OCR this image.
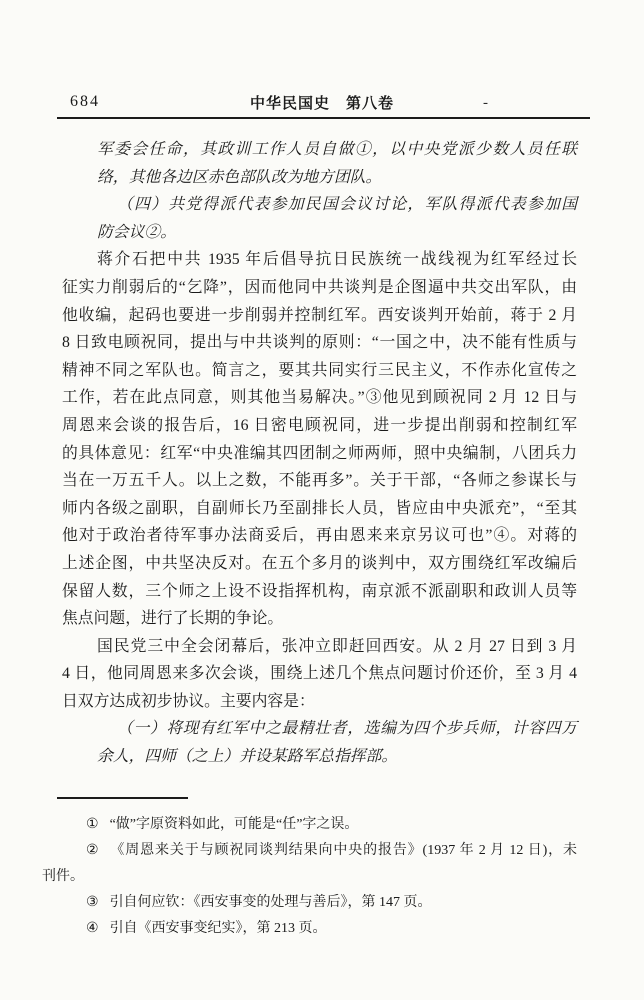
684	中华民国史　第八卷	-
军委会任命，其政训工作人员自做①，以中央党派少数人员任联
络，其他各边区赤色部队改为地方团队。
（四）共党得派代表参加民国会议讨论，军队得派代表参加国
防会议②。
蒋介石把中共 1935 年后倡导抗日民族统一战线视为红军经过长
征实力削弱后的“乞降”，因而他同中共谈判是企图逼中共交出军队，由
他收编，起码也要进一步削弱并控制红军。西安谈判开始前，蒋于 2 月
8 日致电顾祝同，提出与中共谈判的原则：“一国之中，决不能有性质与
精神不同之军队也。简言之，要其共同实行三民主义，不作赤化宣传之
工作，若在此点同意，则其他当易解决。”③他见到顾祝同 2 月 12 日与
周恩来会谈的报告后，16 日密电顾祝同，进一步提出削弱和控制红军
的具体意见：红军“中央准编其四团制之师两师，照中央编制，八团兵力
当在一万五千人。以上之数，不能再多”。关于干部，“各师之参谋长与
师内各级之副职，自副师长乃至副排长人员，皆应由中央派充”，“至其
他对于政治者待军事办法商妥后，再由恩来来京另议可也”④。对蒋的
上述企图，中共坚决反对。在五个多月的谈判中，双方围绕红军改编后
保留人数，三个师之上设不设指挥机构，南京派不派副职和政训人员等
焦点问题，进行了长期的争论。
国民党三中全会闭幕后，张冲立即赶回西安。从 2 月 27 日到 3 月
4 日，他同周恩来多次会谈，围绕上述几个焦点问题讨价还价，至 3 月 4
日双方达成初步协议。主要内容是：
（一）将现有红军中之最精壮者，选编为四个步兵师，计容四万
余人，四师（之上）并设某路军总指挥部。
① “做”字原资料如此，可能是“任”字之误。
② 《周恩来关于与顾祝同谈判结果向中央的报告》(1937 年 2 月 12 日)，未
刊件。
③ 引自何应钦：《西安事变的处理与善后》，第 147 页。
④ 引自《西安事变纪实》，第 213 页。
